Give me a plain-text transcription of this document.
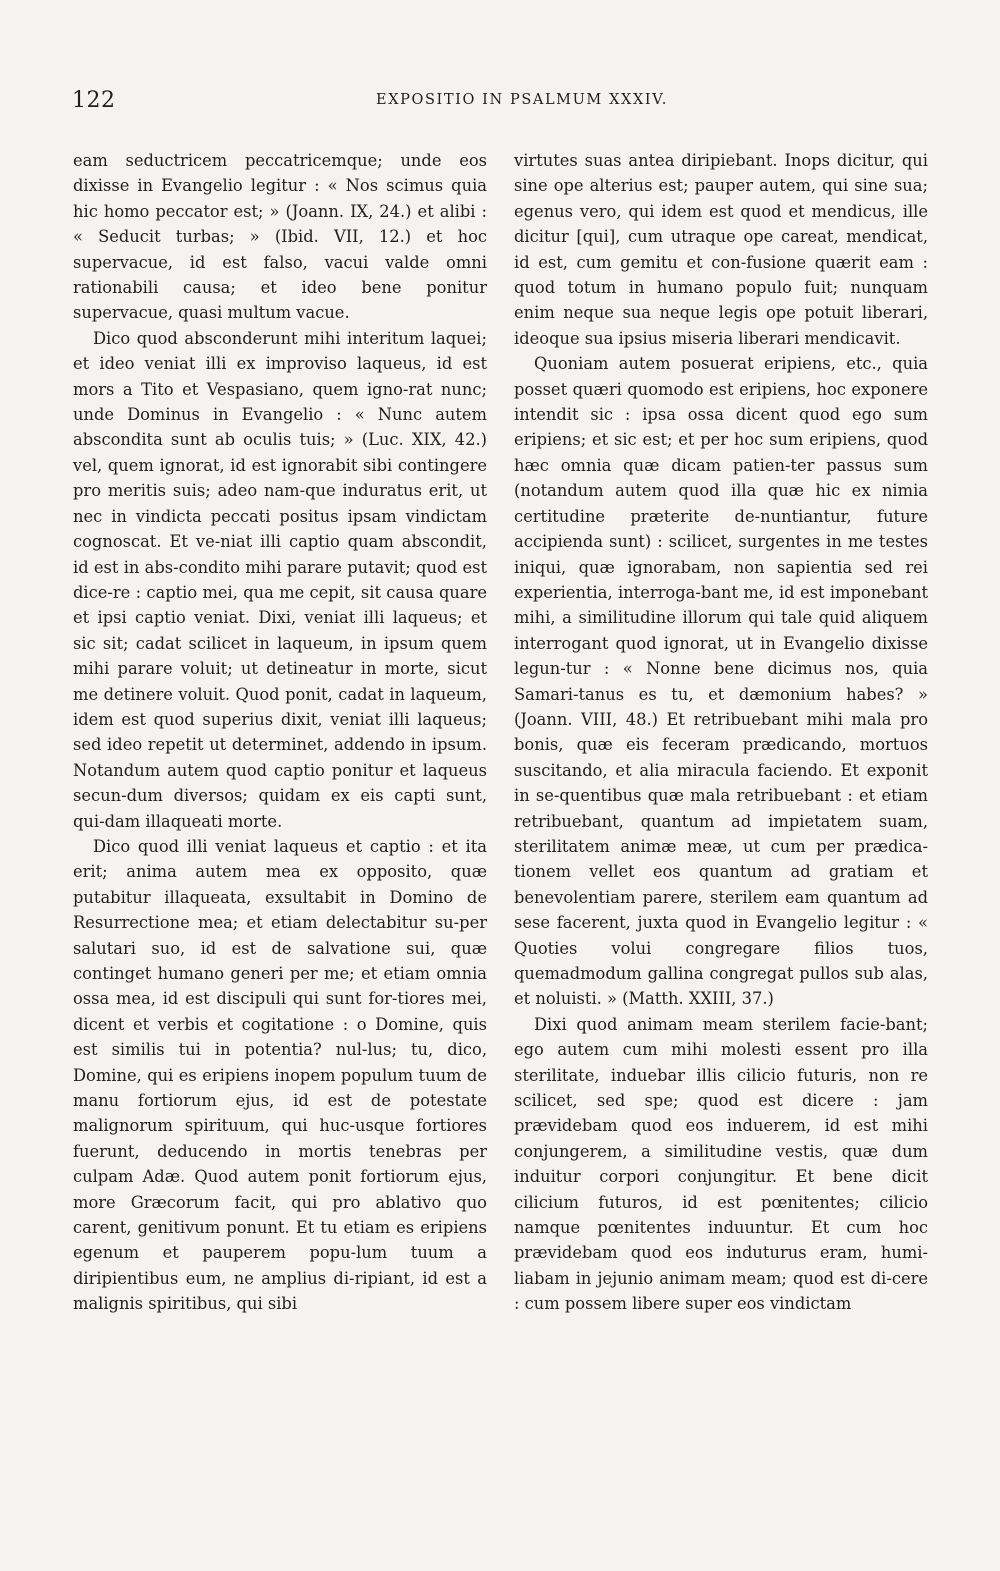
122	EXPOSITIO IN PSALMUM XXXIV.

eam seductricem peccatricemque; unde eos dixisse in Evangelio legitur : « Nos scimus quia hic homo peccator est; » (Joann. IX, 24.) et alibi : « Seducit turbas; » (Ibid. VII, 12.) et hoc supervacue, id est falso, vacui valde omni rationabili causa; et ideo bene ponitur supervacue, quasi multum vacue.

Dico quod absconderunt mihi interitum laquei; et ideo veniat illi ex improviso laqueus, id est mors a Tito et Vespasiano, quem igno-rat nunc; unde Dominus in Evangelio : « Nunc autem abscondita sunt ab oculis tuis; » (Luc. XIX, 42.) vel, quem ignorat, id est ignorabit sibi contingere pro meritis suis; adeo nam-que induratus erit, ut nec in vindicta peccati positus ipsam vindictam cognoscat. Et ve-niat illi captio quam abscondit, id est in abs-condito mihi parare putavit; quod est dice-re : captio mei, qua me cepit, sit causa quare et ipsi captio veniat. Dixi, veniat illi laqueus; et sic sit; cadat scilicet in laqueum, in ipsum quem mihi parare voluit; ut detineatur in morte, sicut me detinere voluit. Quod ponit, cadat in laqueum, idem est quod superius dixit, veniat illi laqueus; sed ideo repetit ut determinet, addendo in ipsum. Notandum autem quod captio ponitur et laqueus secun-dum diversos; quidam ex eis capti sunt, qui-dam illaqueati morte.

Dico quod illi veniat laqueus et captio : et ita erit; anima autem mea ex opposito, quæ putabitur illaqueata, exsultabit in Domino de Resurrectione mea; et etiam delectabitur su-per salutari suo, id est de salvatione sui, quæ continget humano generi per me; et etiam omnia ossa mea, id est discipuli qui sunt for-tiores mei, dicent et verbis et cogitatione : o Domine, quis est similis tui in potentia? nul-lus; tu, dico, Domine, qui es eripiens inopem populum tuum de manu fortiorum ejus, id est de potestate malignorum spirituum, qui huc-usque fortiores fuerunt, deducendo in mortis tenebras per culpam Adæ. Quod autem ponit fortiorum ejus, more Græcorum facit, qui pro ablativo quo carent, genitivum ponunt. Et tu etiam es eripiens egenum et pauperem popu-lum tuum a diripientibus eum, ne amplius di-ripiant, id est a malignis spiritibus, qui sibi

virtutes suas antea diripiebant. Inops dicitur, qui sine ope alterius est; pauper autem, qui sine sua; egenus vero, qui idem est quod et mendicus, ille dicitur [qui], cum utraque ope careat, mendicat, id est, cum gemitu et con-fusione quærit eam : quod totum in humano populo fuit; nunquam enim neque sua neque legis ope potuit liberari, ideoque sua ipsius miseria liberari mendicavit.

Quoniam autem posuerat eripiens, etc., quia posset quæri quomodo est eripiens, hoc exponere intendit sic : ipsa ossa dicent quod ego sum eripiens; et sic est; et per hoc sum eripiens, quod hæc omnia quæ dicam patien-ter passus sum (notandum autem quod illa quæ hic ex nimia certitudine præterite de-nuntiantur, future accipienda sunt) : scilicet, surgentes in me testes iniqui, quæ ignorabam, non sapientia sed rei experientia, interroga-bant me, id est imponebant mihi, a similitudine illorum qui tale quid aliquem interrogant quod ignorat, ut in Evangelio dixisse legun-tur : « Nonne bene dicimus nos, quia Samari-tanus es tu, et dæmonium habes? » (Joann. VIII, 48.) Et retribuebant mihi mala pro bonis, quæ eis feceram prædicando, mortuos suscitando, et alia miracula faciendo. Et exponit in se-quentibus quæ mala retribuebant : et etiam retribuebant, quantum ad impietatem suam, sterilitatem animæ meæ, ut cum per prædica-tionem vellet eos quantum ad gratiam et benevolentiam parere, sterilem eam quantum ad sese facerent, juxta quod in Evangelio legitur : « Quoties volui congregare filios tuos, quemadmodum gallina congregat pullos sub alas, et noluisti. » (Matth. XXIII, 37.)

Dixi quod animam meam sterilem facie-bant; ego autem cum mihi molesti essent pro illa sterilitate, induebar illis cilicio futuris, non re scilicet, sed spe; quod est dicere : jam prævidebam quod eos induerem, id est mihi conjungerem, a similitudine vestis, quæ dum induitur corpori conjungitur. Et bene dicit cilicium futuros, id est pœnitentes; cilicio namque pœnitentes induuntur. Et cum hoc prævidebam quod eos induturus eram, humi-liabam in jejunio animam meam; quod est di-cere : cum possem libere super eos vindictam
